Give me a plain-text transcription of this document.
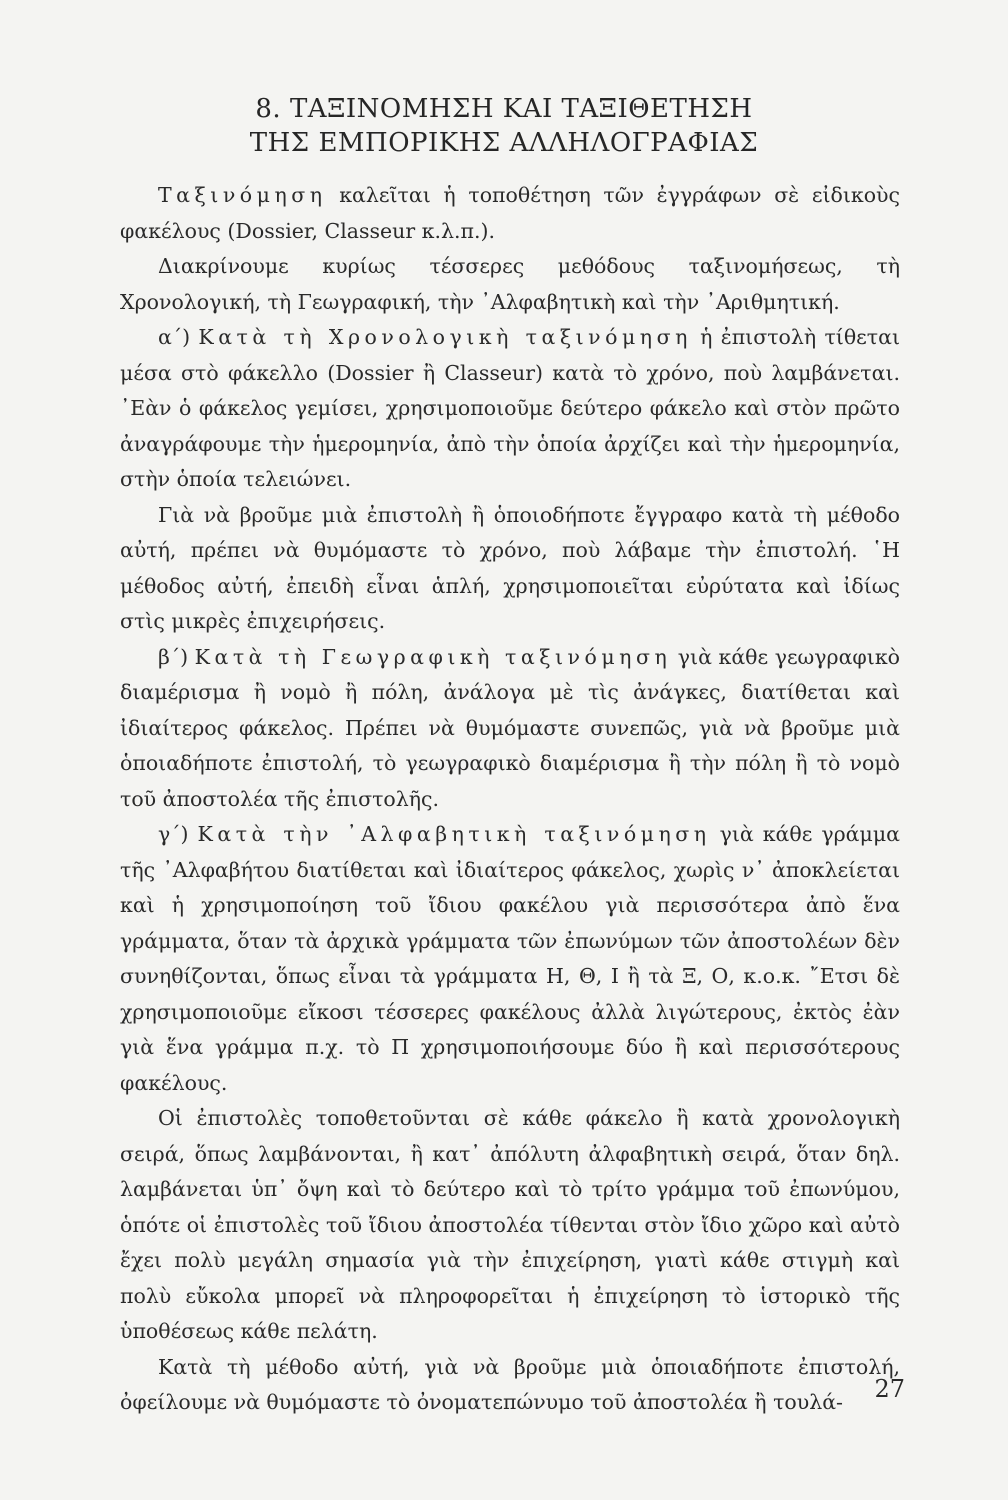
8. ΤΑΞΙΝΟΜΗΣΗ ΚΑΙ ΤΑΞΙΘΕΤΗΣΗ
ΤΗΣ ΕΜΠΟΡΙΚΗΣ ΑΛΛΗΛΟΓΡΑΦΙΑΣ

Ταξινόμηση καλεῖται ἡ τοποθέτηση τῶν ἐγγράφων σὲ εἰδικοὺς φακέλους (Dossier, Classeur κ.λ.π.).

Διακρίνουμε κυρίως τέσσερες μεθόδους ταξινομήσεως, τὴ Χρονολογική, τὴ Γεωγραφική, τὴν ᾿Αλφαβητικὴ καὶ τὴν ᾿Αριθμητική.

α΄) Κατὰ τὴ Χρονολογικὴ ταξινόμηση ἡ ἐπιστολὴ τίθεται μέσα στὸ φάκελλο (Dossier ἢ Classeur) κατὰ τὸ χρόνο, ποὺ λαμβάνεται. ᾿Εὰν ὁ φάκελος γεμίσει, χρησιμοποιοῦμε δεύτερο φάκελο καὶ στὸν πρῶτο ἀναγράφουμε τὴν ἡμερομηνία, ἀπὸ τὴν ὁποία ἀρχίζει καὶ τὴν ἡμερομηνία, στὴν ὁποία τελειώνει.

Γιὰ νὰ βροῦμε μιὰ ἐπιστολὴ ἢ ὁποιοδήποτε ἔγγραφο κατὰ τὴ μέθοδο αὐτή, πρέπει νὰ θυμόμαστε τὸ χρόνο, ποὺ λάβαμε τὴν ἐπιστολή. ῾Η μέθοδος αὐτή, ἐπειδὴ εἶναι ἁπλή, χρησιμοποιεῖται εὐρύτατα καὶ ἰδίως στὶς μικρὲς ἐπιχειρήσεις.

β΄) Κατὰ τὴ Γεωγραφικὴ ταξινόμηση γιὰ κάθε γεωγραφικὸ διαμέρισμα ἢ νομὸ ἢ πόλη, ἀνάλογα μὲ τὶς ἀνάγκες, διατίθεται καὶ ἰδιαίτερος φάκελος. Πρέπει νὰ θυμόμαστε συνεπῶς, γιὰ νὰ βροῦμε μιὰ ὁποιαδήποτε ἐπιστολή, τὸ γεωγραφικὸ διαμέρισμα ἢ τὴν πόλη ἢ τὸ νομὸ τοῦ ἀποστολέα τῆς ἐπιστολῆς.

γ΄) Κατὰ τὴν ᾿Αλφαβητικὴ ταξινόμηση γιὰ κάθε γράμμα τῆς ᾿Αλφαβήτου διατίθεται καὶ ἰδιαίτερος φάκελος, χωρὶς ν᾿ ἀποκλείεται καὶ ἡ χρησιμοποίηση τοῦ ἴδιου φακέλου γιὰ περισσότερα ἀπὸ ἕνα γράμματα, ὅταν τὰ ἀρχικὰ γράμματα τῶν ἐπωνύμων τῶν ἀποστολέων δὲν συνηθίζονται, ὅπως εἶναι τὰ γράμματα Η, Θ, Ι ἢ τὰ Ξ, Ο, κ.ο.κ. ῎Ετσι δὲ χρησιμοποιοῦμε εἴκοσι τέσσερες φακέλους ἀλλὰ λιγώτερους, ἐκτὸς ἐὰν γιὰ ἕνα γράμμα π.χ. τὸ Π χρησιμοποιήσουμε δύο ἢ καὶ περισσότερους φακέλους.

Οἱ ἐπιστολὲς τοποθετοῦνται σὲ κάθε φάκελο ἢ κατὰ χρονολογικὴ σειρά, ὅπως λαμβάνονται, ἢ κατ᾿ ἀπόλυτη ἀλφαβητικὴ σειρά, ὅταν δηλ. λαμβάνεται ὑπ᾿ ὄψη καὶ τὸ δεύτερο καὶ τὸ τρίτο γράμμα τοῦ ἐπωνύμου, ὁπότε οἱ ἐπιστολὲς τοῦ ἴδιου ἀποστολέα τίθενται στὸν ἴδιο χῶρο καὶ αὐτὸ ἔχει πολὺ μεγάλη σημασία γιὰ τὴν ἐπιχείρηση, γιατὶ κάθε στιγμὴ καὶ πολὺ εὔκολα μπορεῖ νὰ πληροφορεῖται ἡ ἐπιχείρηση τὸ ἱστορικὸ τῆς ὑποθέσεως κάθε πελάτη.

Κατὰ τὴ μέθοδο αὐτή, γιὰ νὰ βροῦμε μιὰ ὁποιαδήποτε ἐπιστολή, ὀφείλουμε νὰ θυμόμαστε τὸ ὀνοματεπώνυμο τοῦ ἀποστολέα ἢ τουλά-	27
